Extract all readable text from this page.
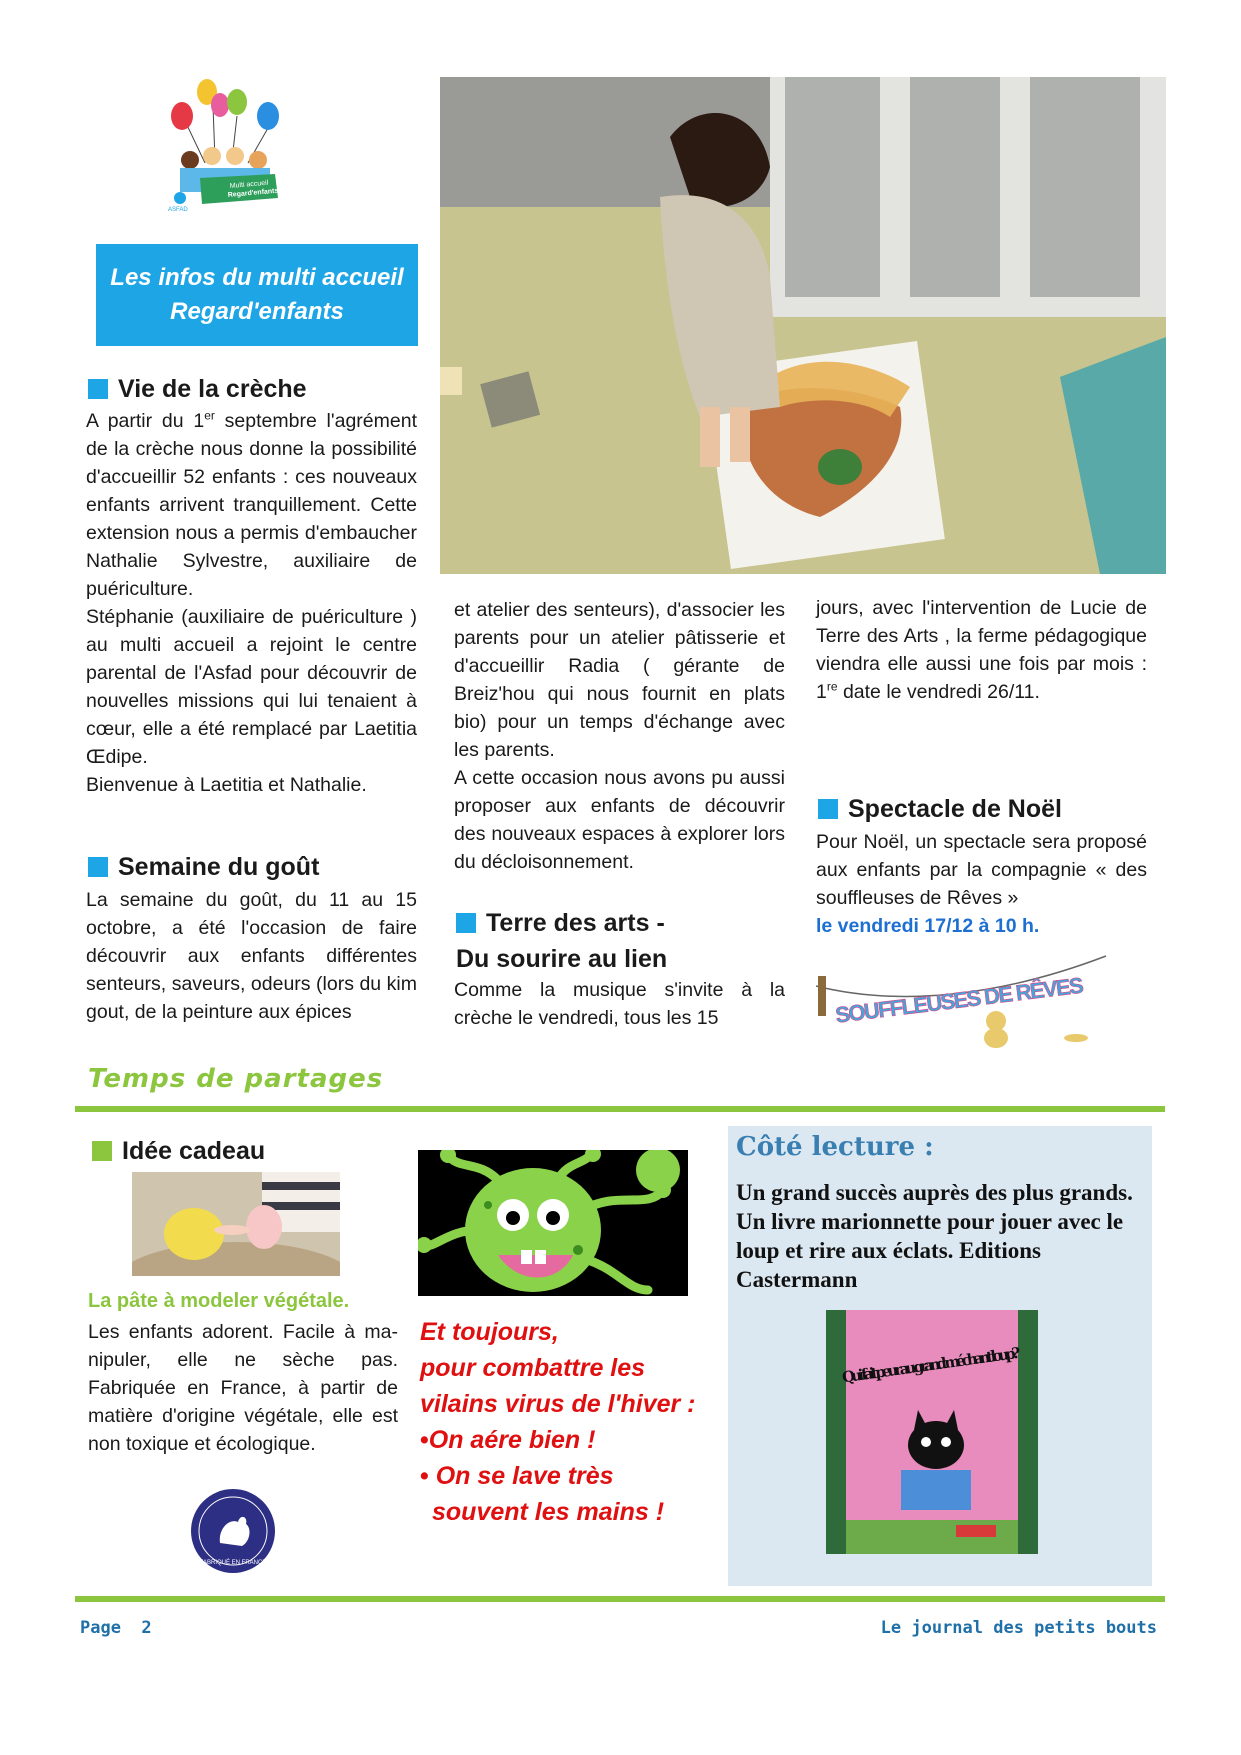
Multi accueil
Regard'enfants
ASFAD
Les infos du multi accueil
Regard'enfants
Vie de la crèche

A partir du 1er septembre l'agrément de la crèche nous donne la possibilité d'accueillir 52 enfants : ces nouveaux enfants arrivent tranquillement. Cette extension nous a permis d'embaucher Nathalie Sylvestre, auxiliaire de puériculture.

Stéphanie (auxiliaire de puériculture ) au multi accueil a rejoint le centre parental de l'Asfad pour découvrir de nouvelles missions qui lui tenaient à cœur, elle a été remplacé par Laetitia Œdipe.

Bienvenue à Laetitia et Nathalie.

Semaine du goût

La semaine du goût, du 11 au 15 octobre, a été l'occasion de faire découvrir aux enfants différentes senteurs, saveurs, odeurs (lors du kim gout, de la peinture aux épices

et atelier des senteurs), d'associer les parents pour un atelier pâtisserie et d'accueillir Radia ( gérante de Breiz'hou qui nous fournit en plats bio) pour un temps d'échange avec les parents.

A cette occasion nous avons pu aussi proposer aux enfants de découvrir des nouveaux espaces à explorer lors du décloisonnement.

Terre des arts -
Du sourire au lien

Comme la musique s'invite à la crèche le vendredi, tous les 15

jours, avec l'intervention de Lucie de Terre des Arts , la ferme pédagogique viendra elle aussi une fois par mois : 1re date le vendredi 26/11.

Spectacle de Noël

Pour Noël, un spectacle sera proposé aux enfants par la compagnie « des souffleuses de Rêves »

le vendredi 17/12 à 10 h.

SOUFFLEUSES DE RÊVES
Temps de partages
Idée cadeau
La pâte à modeler végétale.

Les enfants adorent. Facile à manipuler, elle ne sèche pas. Fabriquée en France, à partir de matière d'origine végétale, elle est non toxique et écologique.

FABRIQUÉ EN FRANCE
Et toujours,
pour combattre les
vilains virus de l'hiver :
•On aére bien !
• On se lave très
souvent les mains !
Côté lecture :
Un grand succès auprès des plus grands. Un livre marionnette pour jouer avec le loup et rire aux éclats. Editions Castermann
Qui fait peur au grand méchant loup?
Page  2	Le journal des petits bouts
